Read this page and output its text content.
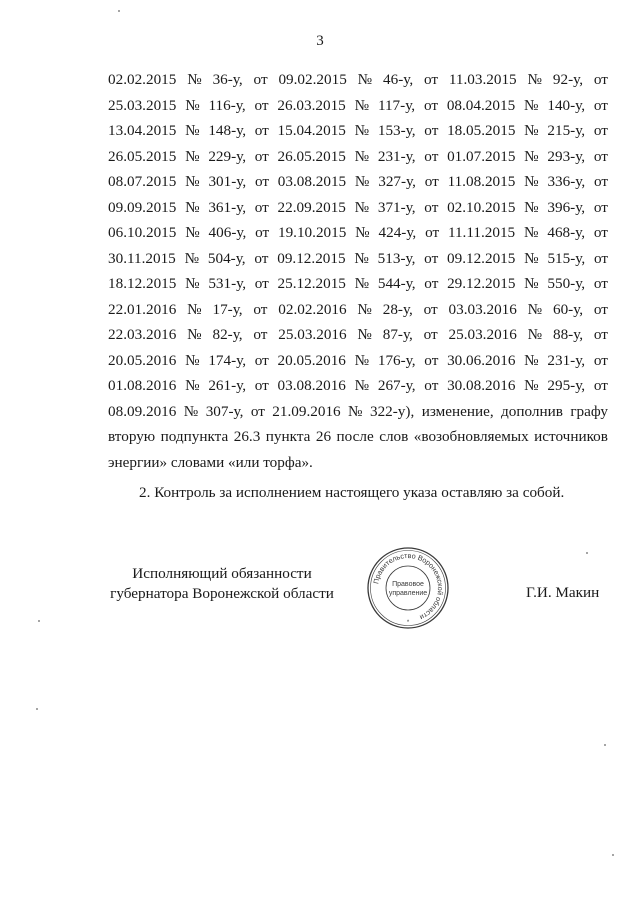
3
02.02.2015 № 36-у, от 09.02.2015 № 46-у, от 11.03.2015 № 92-у, от
25.03.2015 № 116-у, от 26.03.2015 № 117-у, от 08.04.2015 № 140-у, от
13.04.2015 № 148-у, от 15.04.2015 № 153-у, от 18.05.2015 № 215-у, от
26.05.2015 № 229-у, от 26.05.2015 № 231-у, от 01.07.2015 № 293-у, от
08.07.2015 № 301-у, от 03.08.2015 № 327-у, от 11.08.2015 № 336-у, от
09.09.2015 № 361-у, от 22.09.2015 № 371-у, от 02.10.2015 № 396-у, от
06.10.2015 № 406-у, от 19.10.2015 № 424-у, от 11.11.2015 № 468-у, от
30.11.2015 № 504-у, от 09.12.2015 № 513-у, от 09.12.2015 № 515-у, от
18.12.2015 № 531-у, от 25.12.2015 № 544-у, от 29.12.2015 № 550-у, от
22.01.2016 № 17-у, от 02.02.2016 № 28-у, от 03.03.2016 № 60-у, от
22.03.2016 № 82-у, от 25.03.2016 № 87-у, от 25.03.2016 № 88-у, от
20.05.2016 № 174-у, от 20.05.2016 № 176-у, от 30.06.2016 № 231-у, от
01.08.2016 № 261-у, от 03.08.2016 № 267-у, от 30.08.2016 № 295-у, от
08.09.2016 № 307-у, от 21.09.2016 № 322-у), изменение, дополнив графу
вторую подпункта 26.3 пункта 26 после слов «возобновляемых источников
энергии» словами «или торфа».
2. Контроль за исполнением настоящего указа оставляю за собой.
Исполняющий обязанности
губернатора Воронежской области
Правительство Воронежской области
Правовое
управление
*
Г.И. Макин
